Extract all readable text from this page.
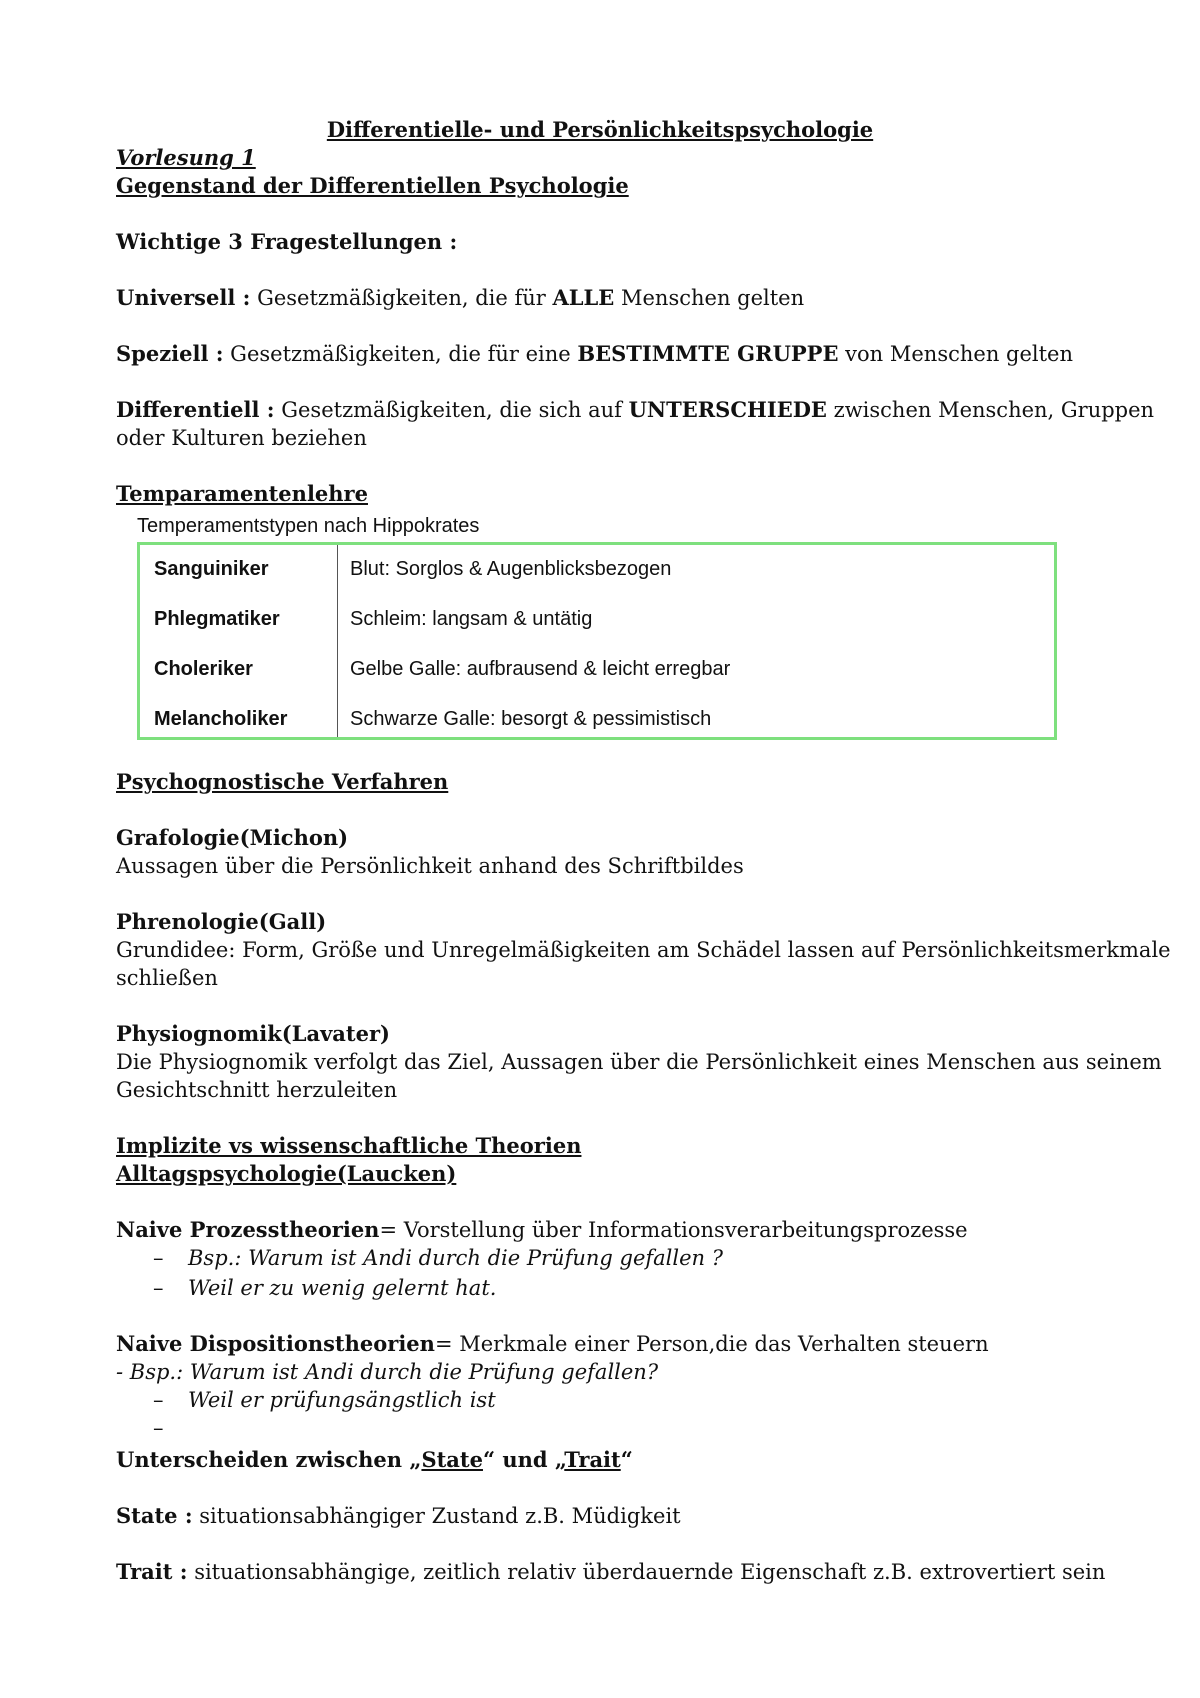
Differentielle- und Persönlichkeitspsychologie
Vorlesung 1
Gegenstand der Differentiellen Psychologie
Wichtige 3 Fragestellungen :
Universell : Gesetzmäßigkeiten, die für ALLE Menschen gelten
Speziell : Gesetzmäßigkeiten, die für eine BESTIMMTE GRUPPE von Menschen gelten
Differentiell : Gesetzmäßigkeiten, die sich auf UNTERSCHIEDE zwischen Menschen, Gruppen
oder Kulturen beziehen
Temparamentenlehre
Temperamentstypen nach Hippokrates
Sanguiniker	Blut: Sorglos & Augenblicksbezogen
Phlegmatiker	Schleim: langsam & untätig
Choleriker	Gelbe Galle: aufbrausend & leicht erregbar
Melancholiker	Schwarze Galle: besorgt & pessimistisch
Psychognostische Verfahren
Grafologie(Michon)
Aussagen über die Persönlichkeit anhand des Schriftbildes
Phrenologie(Gall)
Grundidee: Form, Größe und Unregelmäßigkeiten am Schädel lassen auf Persönlichkeitsmerkmale
schließen
Physiognomik(Lavater)
Die Physiognomik verfolgt das Ziel, Aussagen über die Persönlichkeit eines Menschen aus seinem
Gesichtschnitt herzuleiten
Implizite vs wissenschaftliche Theorien
Alltagspsychologie(Laucken)
Naive Prozesstheorien= Vorstellung über Informationsverarbeitungsprozesse
– Bsp.: Warum ist Andi durch die Prüfung gefallen ?
– Weil er zu wenig gelernt hat.
Naive Dispositionstheorien= Merkmale einer Person,die das Verhalten steuern
- Bsp.: Warum ist Andi durch die Prüfung gefallen?
– Weil er prüfungsängstlich ist
–
Unterscheiden zwischen „State“ und „Trait“
State : situationsabhängiger Zustand z.B. Müdigkeit
Trait : situationsabhängige, zeitlich relativ überdauernde Eigenschaft z.B. extrovertiert sein
